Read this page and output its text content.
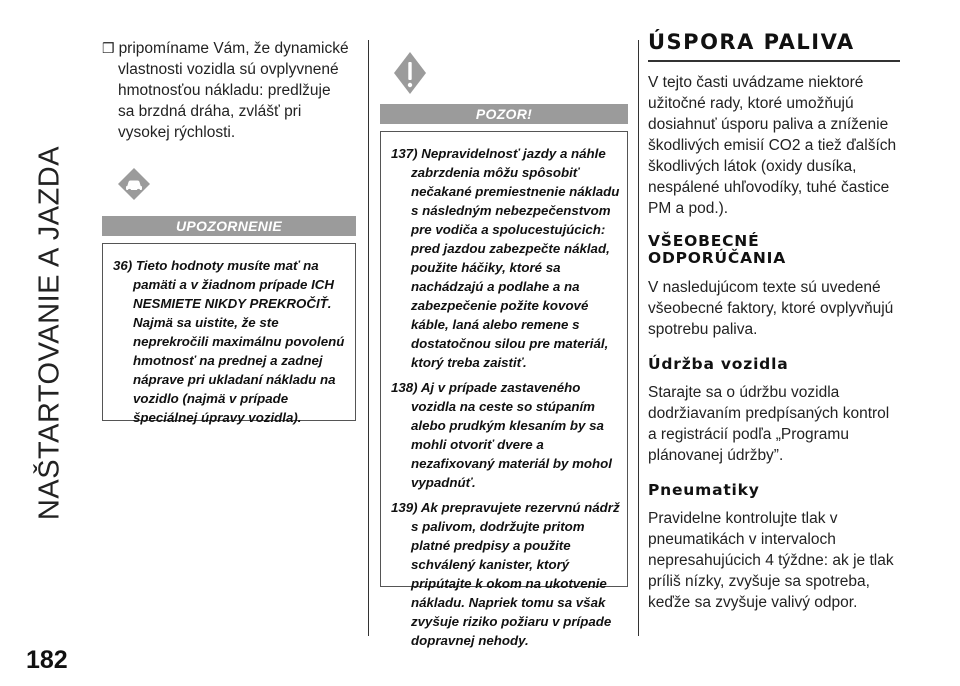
NAŠTARTOVANIE A JAZDA
182

❒ pripomíname Vám, že dynamické vlastnosti vozidla sú ovplyvnené hmotnosťou nákladu: predlžuje sa brzdná dráha, zvlášť pri vysokej rýchlosti.

UPOZORNENIE
36) Tieto hodnoty musíte mať na pamäti a v žiadnom prípade ICH NESMIETE NIKDY PREKROČIŤ. Najmä sa uistite, že ste neprekročili maximálnu povolenú hmotnosť na prednej a zadnej náprave pri ukladaní nákladu na vozidlo (najmä v prípade špeciálnej úpravy vozidla).
POZOR!
137) Nepravidelnosť jazdy a náhle zabrzdenia môžu spôsobiť nečakané premiestnenie nákladu s následným nebezpečenstvom pre vodiča a spolucestujúcich: pred jazdou zabezpečte náklad, použite háčiky, ktoré sa nachádzajú a podlahe a na zabezpečenie požite kovové káble, laná alebo remene s dostatočnou silou pre materiál, ktorý treba zaistiť.
138) Aj v prípade zastaveného vozidla na ceste so stúpaním alebo prudkým klesaním by sa mohli otvoriť dvere a nezafixovaný materiál by mohol vypadnúť.
139) Ak prepravujete rezervnú nádrž s palivom, dodržujte pritom platné predpisy a použite schválený kanister, ktorý pripútajte k okom na ukotvenie nákladu. Napriek tomu sa však zvyšuje riziko požiaru v prípade dopravnej nehody.
ÚSPORA PALIVA

V tejto časti uvádzame niektoré užitočné rady, ktoré umožňujú dosiahnuť úsporu paliva a zníženie škodlivých emisií CO2 a tiež ďalších škodlivých látok (oxidy dusíka, nespálené uhľovodíky, tuhé častice PM a pod.).

VŠEOBECNÉ
ODPORÚČANIA

V nasledujúcom texte sú uvedené všeobecné faktory, ktoré ovplyvňujú spotrebu paliva.

Údržba vozidla

Starajte sa o údržbu vozidla dodržiavaním predpísaných kontrol a registrácií podľa „Programu plánovanej údržby”.

Pneumatiky

Pravidelne kontrolujte tlak v pneumatikách v intervaloch nepresahujúcich 4 týždne: ak je tlak príliš nízky, zvyšuje sa spotreba, keďže sa zvyšuje valivý odpor.
